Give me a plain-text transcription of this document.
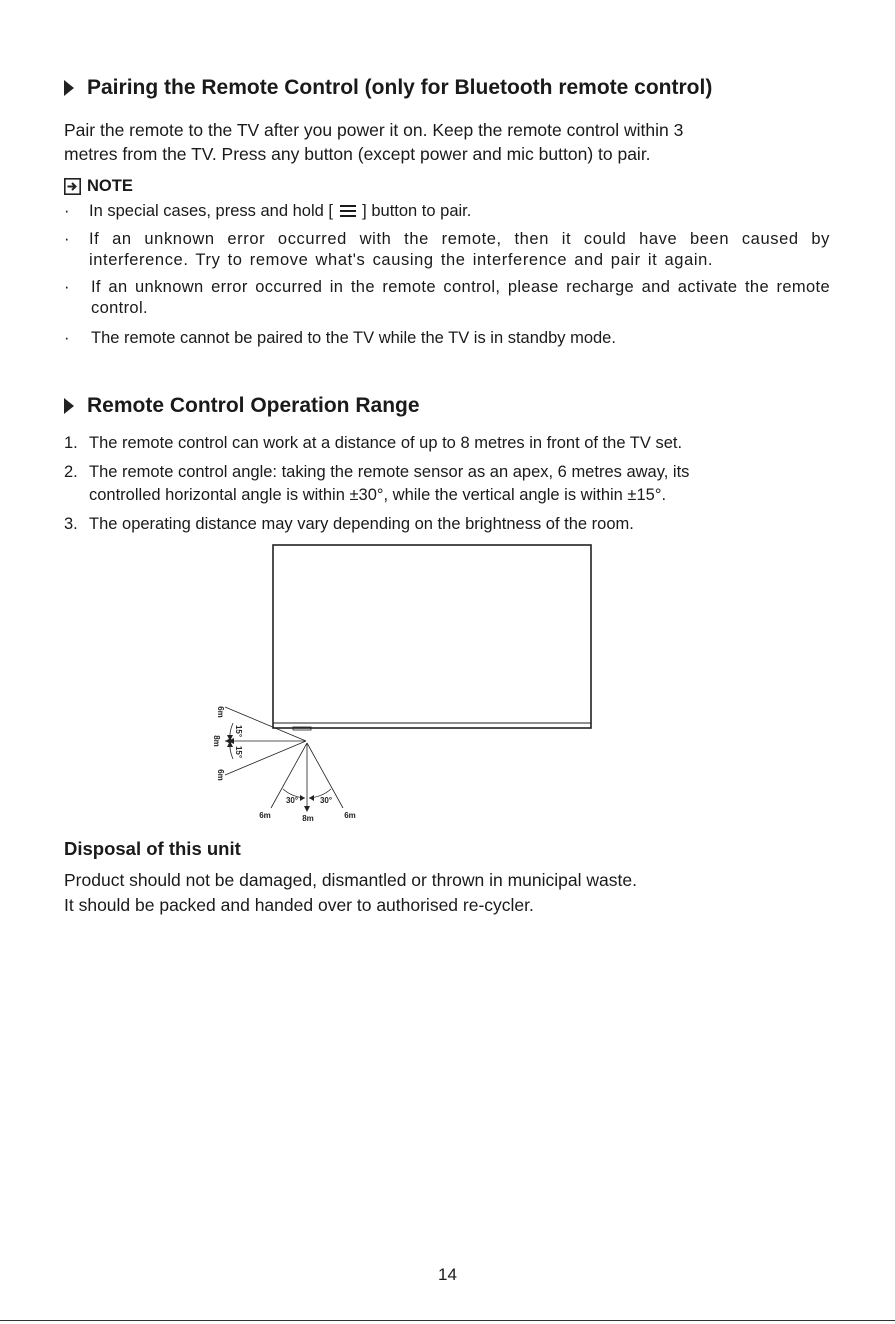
Pairing the Remote Control (only for Bluetooth remote control)

Pair the remote to the TV after you power it on. Keep the remote control within 3

metres from the TV. Press any button (except power and mic button) to pair.

NOTE
· In special cases, press and hold [ ] button to pair.
· If an unknown error occurred with the remote, then it could have been caused by interference. Try to remove what's causing the interference and pair it again.
· If an unknown error occurred in the remote control, please recharge and activate the remote control.
· The remote cannot be paired to the TV while the TV is in standby mode.
Remote Control Operation Range
1. The remote control can work at a distance of up to 8 metres in front of the TV set.
2. The remote control angle: taking the remote sensor as an apex, 6 metres away, its
controlled horizontal angle is within ±30°, while the vertical angle is within ±15°.
3. The operating distance may vary depending on the brightness of the room.
6m
8m
6m
15°
15°
30°	30°
6m	8m	6m
Disposal of this unit

Product should not be damaged, dismantled or thrown in municipal waste.

It should be packed and handed over to authorised re-cycler.

14
